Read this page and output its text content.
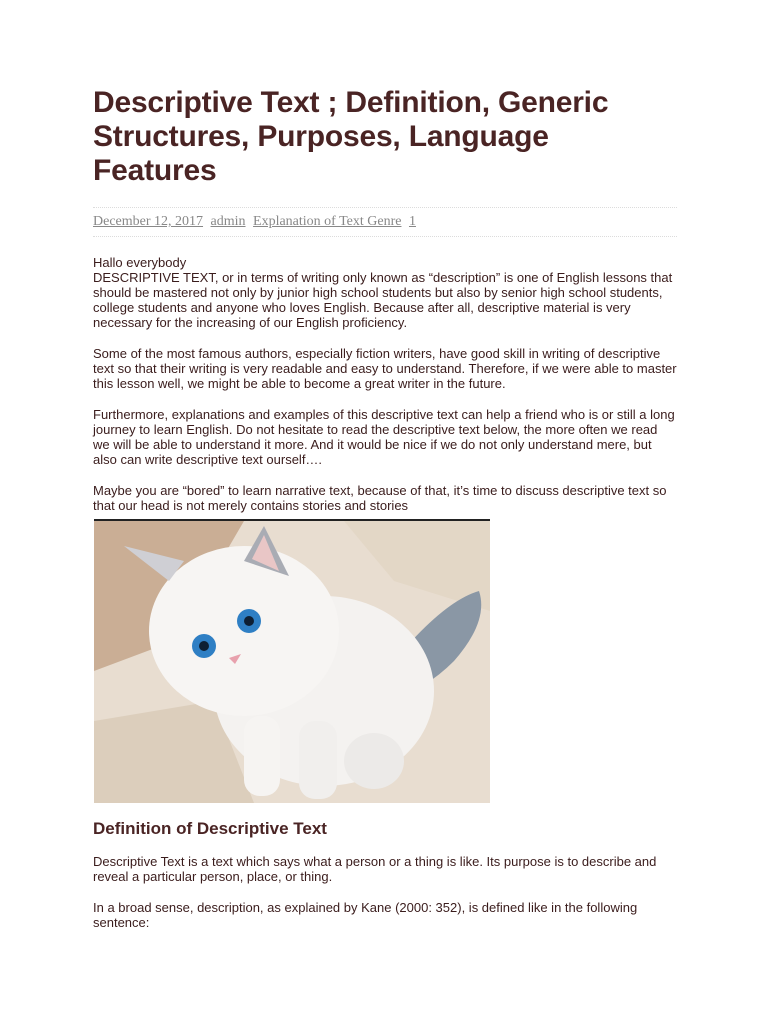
Descriptive Text ; Definition, Generic Structures, Purposes, Language Features
December 12, 2017 admin Explanation of Text Genre 1

Hallo everybody

DESCRIPTIVE TEXT, or in terms of writing only known as “description” is one of English lessons that should be mastered not only by junior high school students but also by senior high school students, college students and anyone who loves English. Because after all, descriptive material is very necessary for the increasing of our English proficiency.

Some of the most famous authors, especially fiction writers, have good skill in writing of descriptive text so that their writing is very readable and easy to understand. Therefore, if we were able to master this lesson well, we might be able to become a great writer in the future.

Furthermore, explanations and examples of this descriptive text can help a friend who is or still a long journey to learn English. Do not hesitate to read the descriptive text below, the more often we read we will be able to understand it more. And it would be nice if we do not only understand mere, but also can write descriptive text ourself….

Maybe you are “bored” to learn narrative text, because of that, it’s time to discuss descriptive text so that our head is not merely contains stories and stories

Definition of Descriptive Text

Descriptive Text is a text which says what a person or a thing is like. Its purpose is to describe and reveal a particular person, place, or thing.

In a broad sense, description, as explained by Kane (2000: 352), is defined like in the following sentence:
